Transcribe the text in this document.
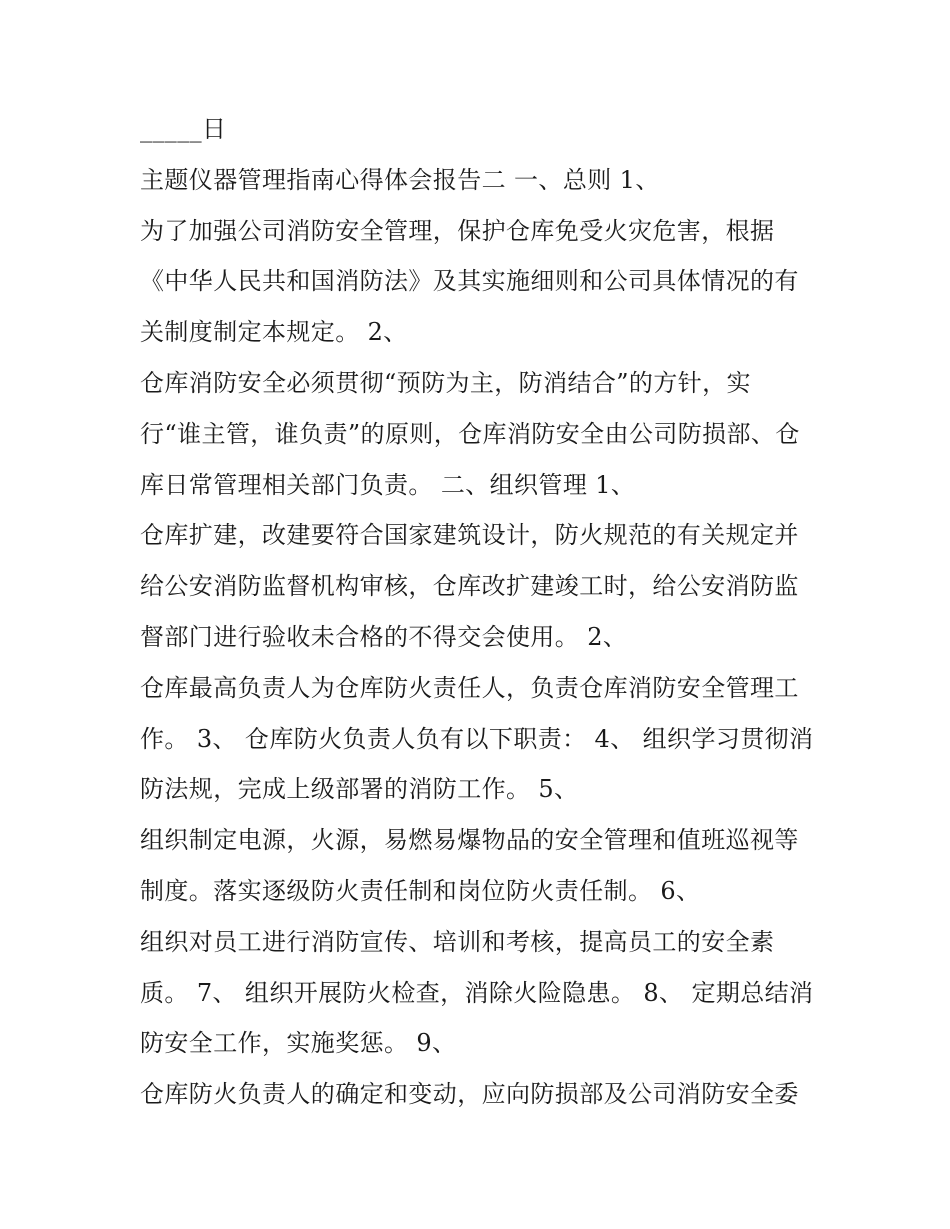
_____日
主题仪器管理指南心得体会报告二 一、总则 1、
为了加强公司消防安全管理，保护仓库免受火灾危害，根据
《中华人民共和国消防法》及其实施细则和公司具体情况的有
关制度制定本规定。 2、
仓库消防安全必须贯彻“预防为主，防消结合”的方针，实
行“谁主管，谁负责”的原则，仓库消防安全由公司防损部、仓
库日常管理相关部门负责。 二、组织管理 1、
仓库扩建，改建要符合国家建筑设计，防火规范的有关规定并
给公安消防监督机构审核，仓库改扩建竣工时，给公安消防监
督部门进行验收未合格的不得交会使用。 2、
仓库最高负责人为仓库防火责任人，负责仓库消防安全管理工
作。 3、 仓库防火负责人负有以下职责： 4、 组织学习贯彻消
防法规，完成上级部署的消防工作。 5、
组织制定电源，火源，易燃易爆物品的安全管理和值班巡视等
制度。落实逐级防火责任制和岗位防火责任制。 6、
组织对员工进行消防宣传、培训和考核，提高员工的安全素
质。 7、 组织开展防火检查，消除火险隐患。 8、 定期总结消
防安全工作，实施奖惩。 9、
仓库防火负责人的确定和变动，应向防损部及公司消防安全委
